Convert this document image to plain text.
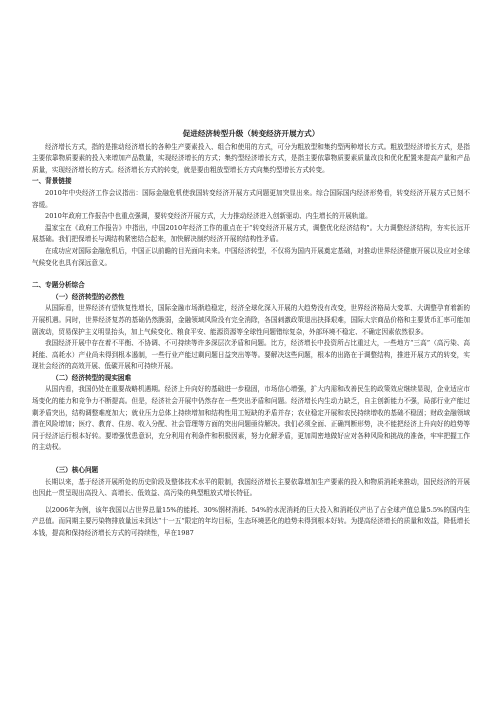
促进经济转型升级（转变经济开展方式）

经济增长方式，指的是推动经济增长的各种生产要素投入、组合和使用的方式，可分为粗放型和集约型两种增长方式。粗放型经济增长方式，是指主要依靠物质要素的投入来增加产品数量，实现经济增长的方式；集约型经济增长方式，是指主要依靠物质要素质量改良和优化配置来提高产量和产品质量，实现经济增长的方式。经济增长方式的转变，就是要由粗放型增长方式向集约型增长方式转变。

一、背景链接

2010年中央经济工作会议指出：国际金融危机使我国转变经济开展方式问题更加突显出来。综合国际国内经济形势看，转变经济开展方式已刻不容缓。

2010年政府工作报告中也重点强调，要转变经济开展方式，大力推动经济进入创新驱动、内生增长的开展轨道。

温家宝在《政府工作报告》中指出，中国2010年经济工作的重点在于“转变经济开展方式，调整优化经济结构”。大力调整经济结构，夯实长远开展基础。我们把保增长与调结构紧密结合起来，加快解决制约经济开展的结构性矛盾。

在成功应对国际金融危机后，中国正以前瞻的目光面向未来。中国经济转型，不仅将为国内开展奠定基础，对推动世界经济健康开展以及应对全球气候变化也具有深远意义。

二、专题分析综合
（一）经济转型的必然性

从国际看，世界经济有望恢复性增长，国际金融市场渐趋稳定，经济全球化深入开展的大趋势没有改变，世界经济格局大变革、大调整孕育着新的开展机遇。同时，世界经济复苏的基础仍然脆弱，金融领域风险没有完全消除，各国刺激政策退出抉择艰难，国际大宗商品价格和主要货币汇率可能加剧波动，贸易保护主义明显抬头，加上气候变化、粮食平安、能源资源等全球性问题错综复杂，外部环境不稳定、不确定因素依然很多。

我国经济开展中存在着不平衡、不协调、不可持续等许多深层次矛盾和问题。比方，经济增长中投资所占比重过大，一些地方“三高”（高污染、高耗能、高耗水）产业尚未得到根本遏制，一些行业产能过剩问题日益突出等等。要解决这些问题，根本的出路在于调整结构，推进开展方式的转变，实现社会经济的高效开展、低碳开展和可持续开展。

（二）经济转型的现实困难

从国内看，我国仍处在重要战略机遇期。经济上升向好的基础进一步稳固，市场信心增强，扩大内需和改善民生的政策效应继续显现，企业适应市场变化的能力和竞争力不断提高。但是，经济社会开展中仍然存在一些突出矛盾和问题。经济增长内生动力缺乏，自主创新能力不强，局部行业产能过剩矛盾突出，结构调整难度加大；就业压力总体上持续增加和结构性用工短缺的矛盾并存；农业稳定开展和农民持续增收的基础不稳固；财政金融领域潜在风险增加；医疗、教育、住房、收入分配、社会管理等方面的突出问题亟待解决。我们必须全面、正确判断形势，决不能把经济上升向好的趋势等同于经济运行根本好转。要增强忧患意识，充分利用有利条件和积极因素，努力化解矛盾，更加周密地做好应对各种风险和挑战的准备，牢牢把握工作的主动权。

（三）核心问题

长期以来，基于经济开展所处的历史阶段及整体技术水平的限制，我国经济增长主要依靠增加生产要素的投入和物质消耗来推动，国民经济的开展也因此一贯呈现出高投入、高增长、低效益、高污染的典型粗放式增长特征。

以2006年为例，该年我国以占世界总量15%的能耗、30%钢材消耗、54%的水泥消耗的巨大投入和消耗仅产出了占全球产值总量5.5%的国内生产总值。而同期主要污染物排放量远未到达“十一五”限定的年均目标，生态环境恶化的趋势未得到根本好转。为提高经济增长的质量和效益，降低增长本钱，提高和保持经济增长方式的可持续性，早在1987
